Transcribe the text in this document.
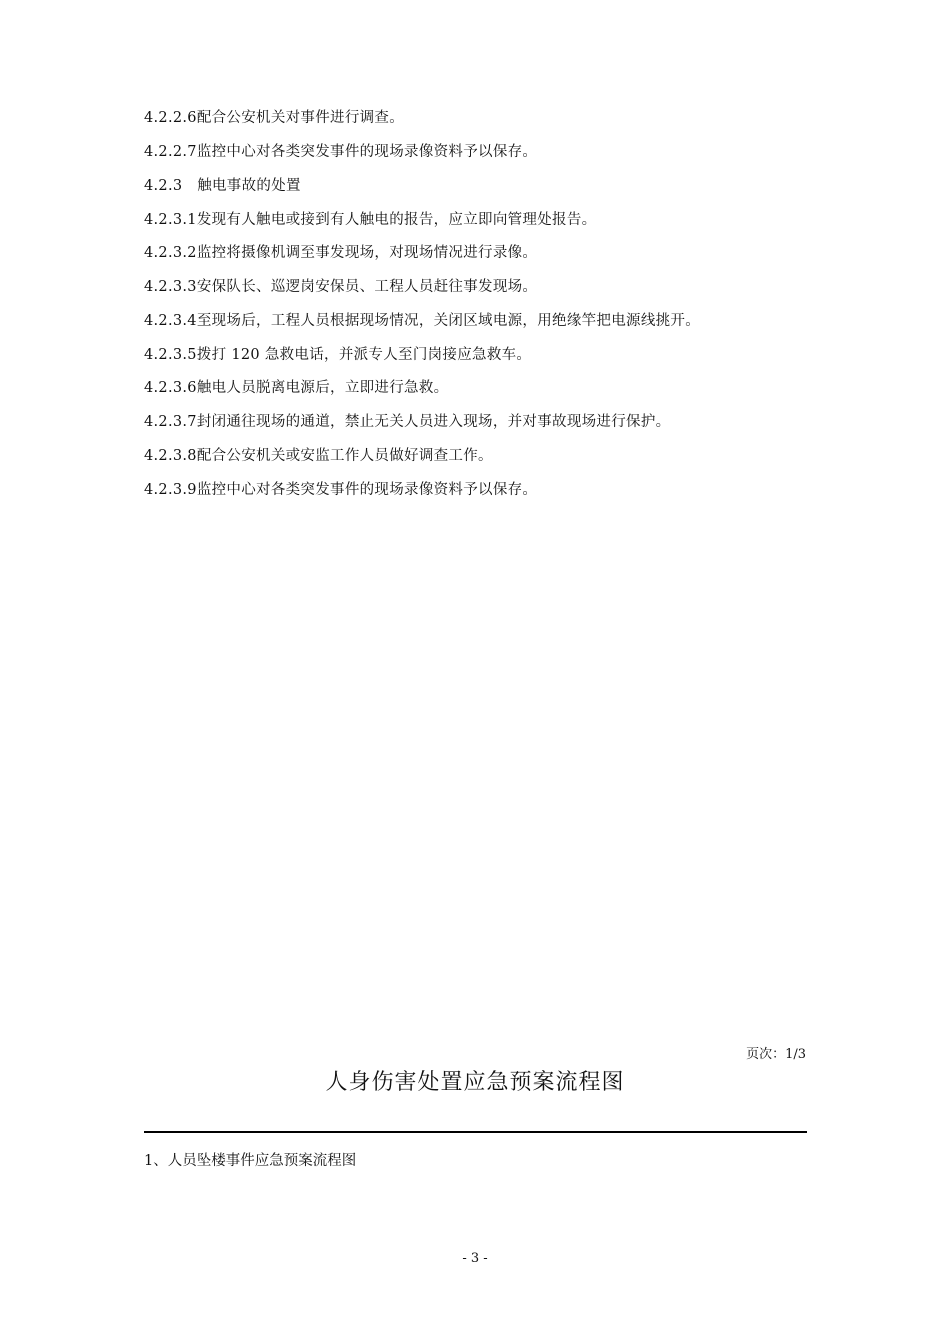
4.2.2.6配合公安机关对事件进行调查。
4.2.2.7监控中心对各类突发事件的现场录像资料予以保存。
4.2.3　触电事故的处置
4.2.3.1发现有人触电或接到有人触电的报告，应立即向管理处报告。
4.2.3.2监控将摄像机调至事发现场，对现场情况进行录像。
4.2.3.3安保队长、巡逻岗安保员、工程人员赶往事发现场。
4.2.3.4至现场后，工程人员根据现场情况，关闭区域电源，用绝缘竿把电源线挑开。
4.2.3.5拨打 120 急救电话，并派专人至门岗接应急救车。
4.2.3.6触电人员脱离电源后，立即进行急救。
4.2.3.7封闭通往现场的通道，禁止无关人员进入现场，并对事故现场进行保护。
4.2.3.8配合公安机关或安监工作人员做好调查工作。
4.2.3.9监控中心对各类突发事件的现场录像资料予以保存。
页次：1/3
人身伤害处置应急预案流程图
1、人员坠楼事件应急预案流程图
- 3 -
